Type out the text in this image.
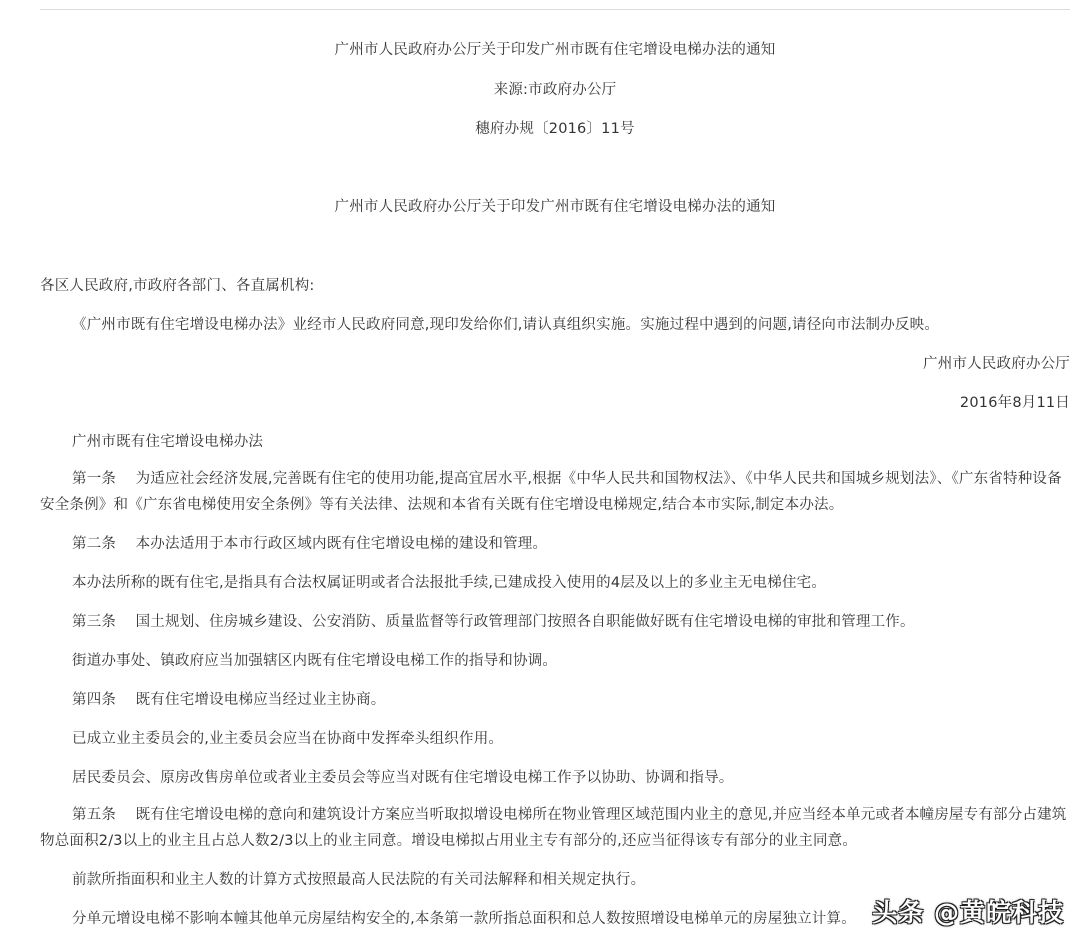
广州市人民政府办公厅关于印发广州市既有住宅增设电梯办法的通知
来源:市政府办公厅
穗府办规〔2016〕11号
广州市人民政府办公厅关于印发广州市既有住宅增设电梯办法的通知
各区人民政府,市政府各部门、各直属机构:
《广州市既有住宅增设电梯办法》业经市人民政府同意,现印发给你们,请认真组织实施。实施过程中遇到的问题,请径向市法制办反映。
广州市人民政府办公厅
2016年8月11日
广州市既有住宅增设电梯办法
第一条　 为适应社会经济发展,完善既有住宅的使用功能,提高宜居水平,根据《中华人民共和国物权法》、《中华人民共和国城乡规划法》、《广东省特种设备安全条例》和《广东省电梯使用安全条例》等有关法律、法规和本省有关既有住宅增设电梯规定,结合本市实际,制定本办法。
第二条　 本办法适用于本市行政区域内既有住宅增设电梯的建设和管理。
本办法所称的既有住宅,是指具有合法权属证明或者合法报批手续,已建成投入使用的4层及以上的多业主无电梯住宅。
第三条　 国土规划、住房城乡建设、公安消防、质量监督等行政管理部门按照各自职能做好既有住宅增设电梯的审批和管理工作。
街道办事处、镇政府应当加强辖区内既有住宅增设电梯工作的指导和协调。
第四条　 既有住宅增设电梯应当经过业主协商。
已成立业主委员会的,业主委员会应当在协商中发挥牵头组织作用。
居民委员会、原房改售房单位或者业主委员会等应当对既有住宅增设电梯工作予以协助、协调和指导。
第五条　 既有住宅增设电梯的意向和建筑设计方案应当听取拟增设电梯所在物业管理区域范围内业主的意见,并应当经本单元或者本幢房屋专有部分占建筑物总面积2/3以上的业主且占总人数2/3以上的业主同意。增设电梯拟占用业主专有部分的,还应当征得该专有部分的业主同意。
前款所指面积和业主人数的计算方式按照最高人民法院的有关司法解释和相关规定执行。
分单元增设电梯不影响本幢其他单元房屋结构安全的,本条第一款所指总面积和总人数按照增设电梯单元的房屋独立计算。 头条 @黄皖科技
